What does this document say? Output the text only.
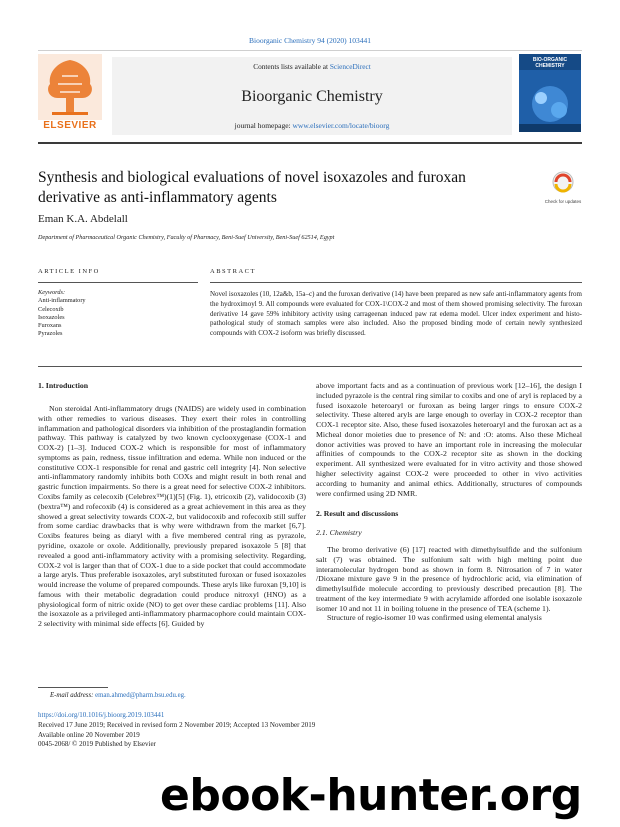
Bioorganic Chemistry 94 (2020) 103441
ELSEVIER
Contents lists available at ScienceDirect
Bioorganic Chemistry
journal homepage: www.elsevier.com/locate/bioorg
BIO-ORGANIC
CHEMISTRY
Synthesis and biological evaluations of novel isoxazoles and furoxan derivative as anti-inflammatory agents	Check for updates
Eman K.A. Abdelall
Department of Pharmaceutical Organic Chemistry, Faculty of Pharmacy, Beni-Suef University, Beni-Suef 62514, Egypt
ARTICLE INFO	ABSTRACT
Keywords:
Anti-inflammatory
Celecoxib
Isoxazoles
Furoxans
Pyrazoles
Novel isoxazoles (10, 12a&b, 15a–c) and the furoxan derivative (14) have been prepared as new safe anti-inflammatory agents from the hydroximoyl 9. All compounds were evaluated for COX-1\COX-2 and most of them showed promising selectivity. The furoxan derivative 14 gave 59% inhibitory activity using carrageenan induced paw rat edema model. Ulcer index experiment and histo-pathological study of stomach samples were also included. Also the proposed binding mode of certain newly synthesized compounds with COX-2 isoform was briefly discussed.
1. Introduction

Non steroidal Anti-inflammatory drugs (NAIDS) are widely used in combination with other remedies to various diseases. They exert their roles in controlling inflammation and pathological disorders via inhibition of the prostaglandin formation pathway. This pathway is catalyzed by two known cyclooxygenase (COX-1 and COX-2) [1–3]. Induced COX-2 which is responsible for most of inflammatory symptoms as pain, redness, tissue infiltration and edema. While non induced or the constitutive COX-1 responsible for renal and gastric cell integrity [4]. Non selective anti-inflammatory randomly inhibits both COXs and might result in both renal and gastric function impairments. So there is a great need for selective COX-2 inhibitors. Coxibs family as celecoxib (Celebrex™)(1)[5] (Fig. 1), etricoxib (2), validocoxib (3) (bextra™) and rofecoxib (4) is considered as a great achievement in this area as they showed a great selectivity towards COX-2, but validocoxib and rofecoxib still suffer from some cardiac drawbacks that is why were withdrawn from the market [6,7]. Coxibs features being as diaryl with a five membered central ring as pyrazole, pyridine, oxazole or oxole. Additionally, previously prepared isoxazole 5 [8] that revealed a good anti-inflammatory activity with a promising selectivity. Regarding, COX-2 vol is larger than that of COX-1 due to a side pocket that could accommodate a large aryls. Thus preferable isoxazoles, aryl substituted furoxan or fused isoxazoles would increase the volume of prepared compounds. These aryls like furoxan [9,10] is famous with their metabolic degradation could produce nitroxyl (HNO) as a physiological form of nitric oxide (NO) to get over these cardiac problems [11]. Also the isoxazole as a privileged anti-inflammatory pharmacophore could maintain COX-2 selectivity with minimal side effects [6]. Guided by

above important facts and as a continuation of previous work [12–16], the design I included pyrazole is the central ring similar to coxibs and one of aryl is replaced by a fused isoxazole heteroaryl or furoxan as being larger rings to ensure COX-2 selectivity. These altered aryls are large enough to overlay in COX-2 receptor than COX-1 receptor site. Also, these fused isoxazoles heteroaryl and the furoxan act as a Micheal donor moieties due to presence of N: and :O: atoms. Also these Micheal donor activities was proved to have an important role in increasing the molecular affinities of compounds to the COX-2 receptor site as shown in the docking experiment. All synthesized were evaluated for in vitro activity and those showed higher selectivity against COX-2 were proceeded to other in vivo activities according to humanity and animal ethics. Additionally, structures of compounds were confirmed using 2D NMR.

2. Result and discussions

2.1. Chemistry

The bromo derivative (6) [17] reacted with dimethylsulfide and the sulfonium salt (7) was obtained. The sulfonium salt with high melting point due interamolecular hydrogen bond as shown in form 8. Nitrosation of 7 in water /Dioxane mixture gave 9 in the presence of hydrochloric acid, via elimination of dimethylsulfide molecule according to previously described precaution [8]. The treatment of the key intermediate 9 with acrylamide afforded one isolable isoxazole isomer 10 and not 11 in boiling toluene in the presence of TEA (scheme 1).

Structure of regio-isomer 10 was confirmed using elemental analysis

E-mail address: eman.ahmed@pharm.bsu.edu.eg.
https://doi.org/10.1016/j.bioorg.2019.103441
Received 17 June 2019; Received in revised form 2 November 2019; Accepted 13 November 2019
Available online 20 November 2019
0045-2068/ © 2019 Published by Elsevier
ebook-hunter.org
